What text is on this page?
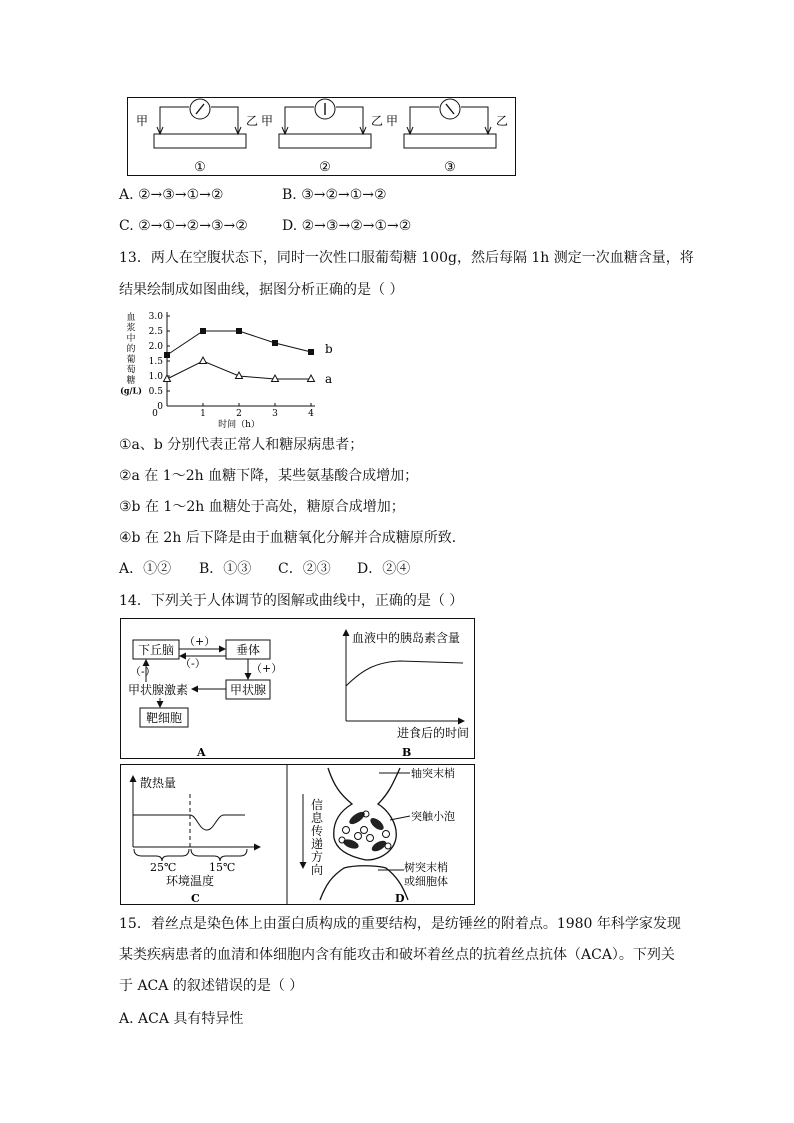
甲	乙
①
甲	乙
②
甲	乙
③
A. ②→③→①→②	B. ③→②→①→②
C. ②→①→②→③→② D. ②→③→②→①→②
13．两人在空腹状态下，同时一次性口服葡萄糖 100g，然后每隔 1h 测定一次血糖含量，将
结果绘制成如图曲线，据图分析正确的是（ ）
0
0.5
1.0
1.5
2.0
2.5
3.0
1	2	3	4
0
时间（h）
血
浆
中
的
葡
萄
糖
(g/L)
b
a
①a、b 分别代表正常人和糖尿病患者；
②a 在 1～2h 血糖下降，某些氨基酸合成增加；
③b 在 1～2h 血糖处于高处，糖原合成增加；
④b 在 2h 后下降是由于血糖氧化分解并合成糖原所致．
A．①② B．①③ C．②③ D．②④
14．下列关于人体调节的图解或曲线中，正确的是（ ）
下丘脑	垂体
甲状腺
甲状腺激素
靶细胞
（+）
（-）	（+）
（-）
A
血液中的胰岛素含量
进食后的时间
B
散热量
25℃	15℃
环境温度
C
轴突末梢
突触小泡
树突末梢
或细胞体
信
息
传
递
方
向
D
15．着丝点是染色体上由蛋白质构成的重要结构，是纺锤丝的附着点。1980 年科学家发现
某类疾病患者的血清和体细胞内含有能攻击和破坏着丝点的抗着丝点抗体（ACA）。下列关
于 ACA 的叙述错误的是（ ）
A. ACA 具有特异性
